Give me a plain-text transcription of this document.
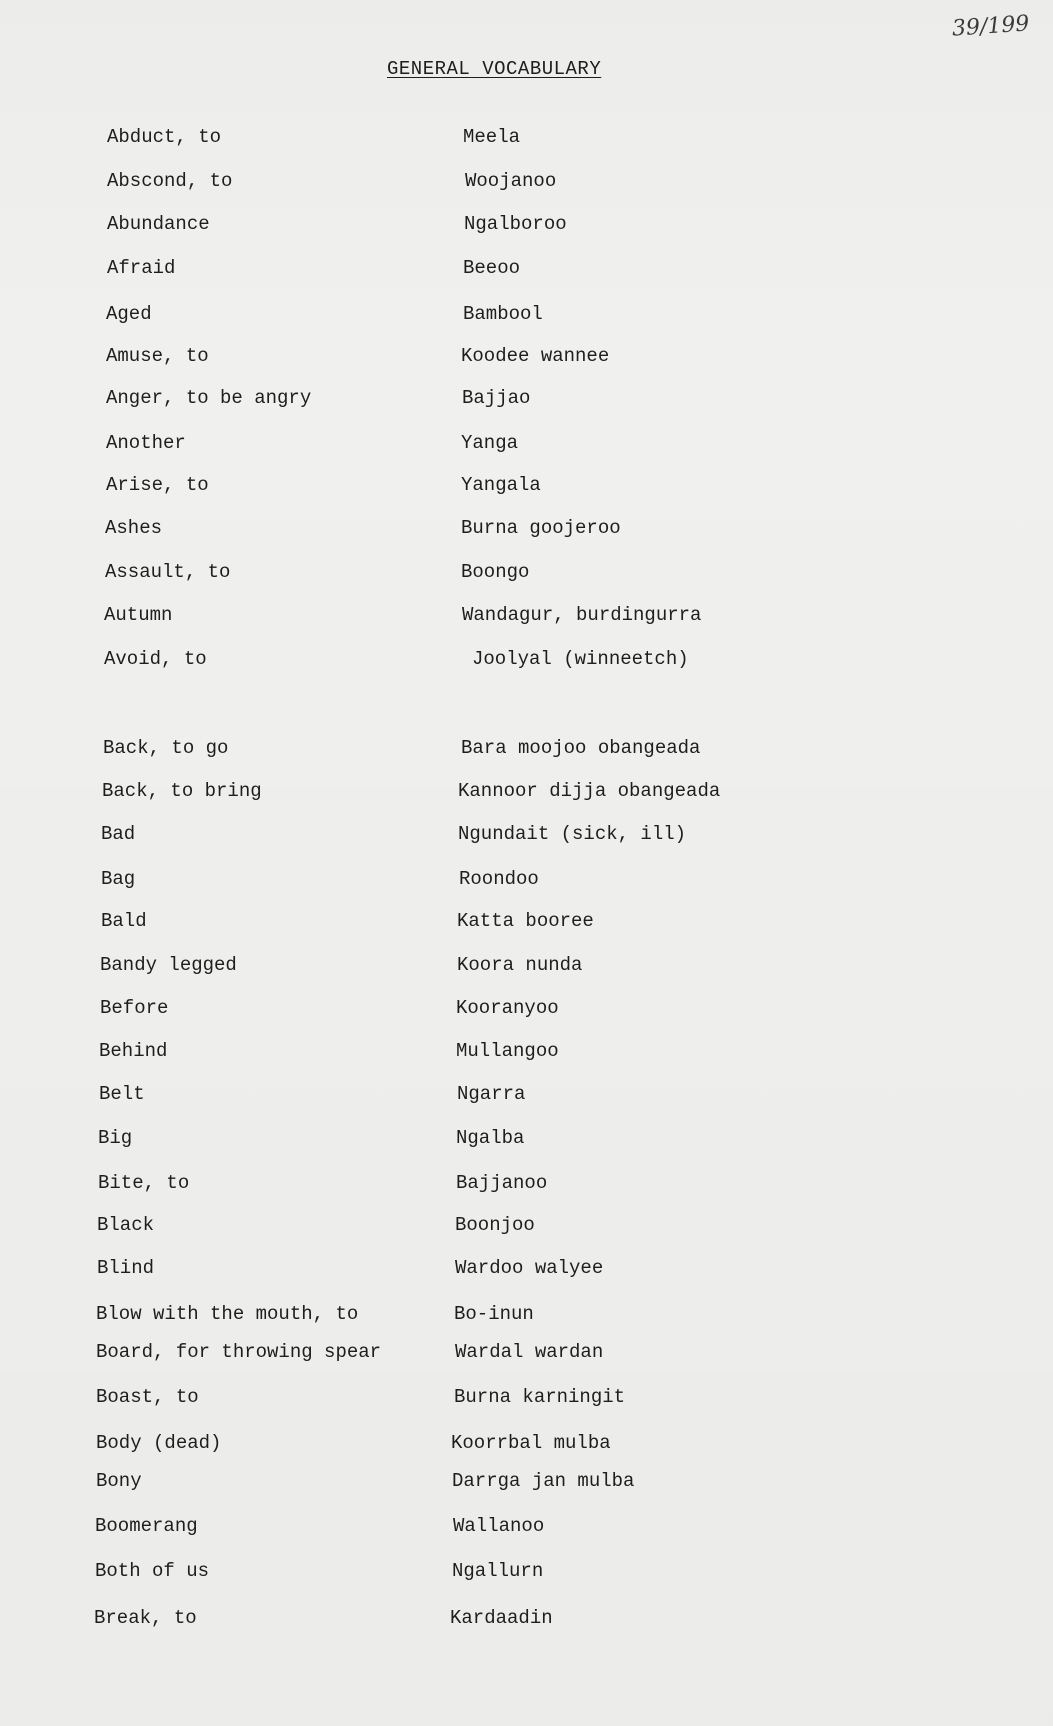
39/199
GENERAL VOCABULARY
Abduct, to	Meela
Abscond, to	Woojanoo
Abundance	Ngalboroo
Afraid	Beeoo
Aged	Bambool
Amuse, to	Koodee wannee
Anger, to be angry	Bajjao
Another	Yanga
Arise, to	Yangala
Ashes	Burna goojeroo
Assault, to	Boongo
Autumn	Wandagur, burdingurra
Avoid, to	Joolyal (winneetch)
Back, to go	Bara moojoo obangeada
Back, to bring	Kannoor dijja obangeada
Bad	Ngundait (sick, ill)
Bag	Roondoo
Bald	Katta booree
Bandy legged	Koora nunda
Before	Kooranyoo
Behind	Mullangoo
Belt	Ngarra
Big	Ngalba
Bite, to	Bajjanoo
Black	Boonjoo
Blind	Wardoo walyee
Blow with the mouth, to	Bo-inun
Board, for throwing spear	Wardal wardan
Boast, to	Burna karningit
Body (dead)	Koorrbal mulba
Bony	Darrga jan mulba
Boomerang	Wallanoo
Both of us	Ngallurn
Break, to	Kardaadin
